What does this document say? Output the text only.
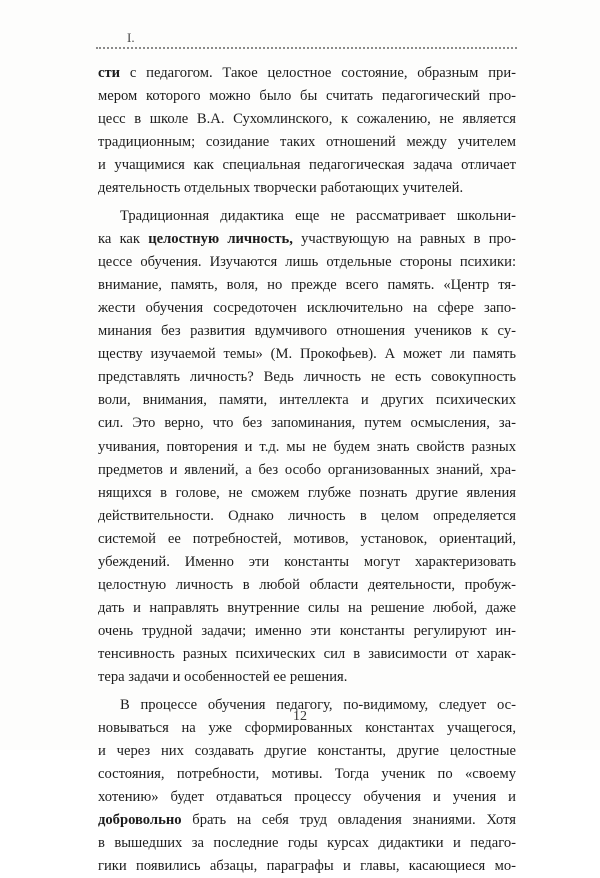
I.
сти с педагогом. Такое целостное состояние, образным при-
мером которого можно было бы считать педагогический про-
цесс в школе В.А. Сухомлинского, к сожалению, не является
традиционным; созидание таких отношений между учителем
и учащимися как специальная педагогическая задача отличает
деятельность отдельных творчески работающих учителей.
Традиционная дидактика еще не рассматривает школьни-
ка как целостную личность, участвующую на равных в про-
цессе обучения. Изучаются лишь отдельные стороны психики:
внимание, память, воля, но прежде всего память. «Центр тя-
жести обучения сосредоточен исключительно на сфере запо-
минания без развития вдумчивого отношения учеников к су-
ществу изучаемой темы» (М. Прокофьев). А может ли память
представлять личность? Ведь личность не есть совокупность
воли, внимания, памяти, интеллекта и других психических
сил. Это верно, что без запоминания, путем осмысления, за-
учивания, повторения и т.д. мы не будем знать свойств разных
предметов и явлений, а без особо организованных знаний, хра-
нящихся в голове, не сможем глубже познать другие явления
действительности. Однако личность в целом определяется
системой ее потребностей, мотивов, установок, ориентаций,
убеждений. Именно эти константы могут характеризовать
целостную личность в любой области деятельности, пробуж-
дать и направлять внутренние силы на решение любой, даже
очень трудной задачи; именно эти константы регулируют ин-
тенсивность разных психических сил в зависимости от харак-
тера задачи и особенностей ее решения.
В процессе обучения педагогу, по-видимому, следует ос-
новываться на уже сформированных константах учащегося,
и через них создавать другие константы, другие целостные
состояния, потребности, мотивы. Тогда ученик по «своему
хотению» будет отдаваться процессу обучения и учения и
добровольно брать на себя труд овладения знаниями. Хотя
в вышедших за последние годы курсах дидактики и педаго-
гики появились абзацы, параграфы и главы, касающиеся мо-
12
